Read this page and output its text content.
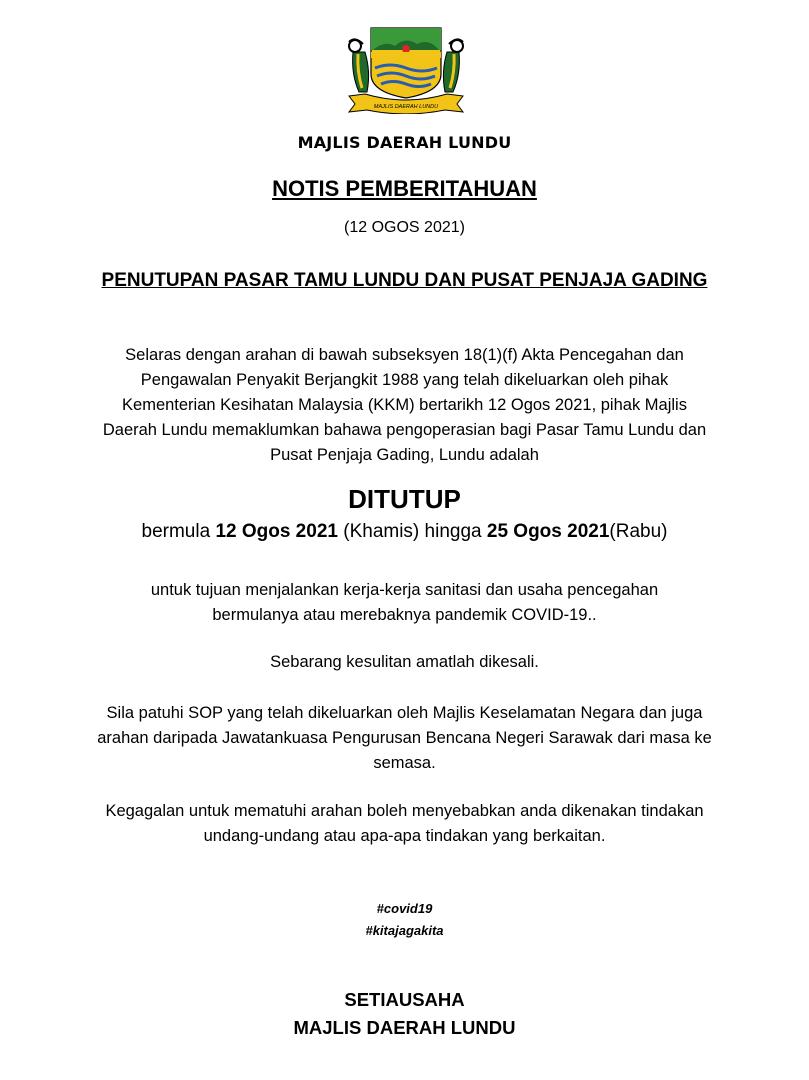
MAJLIS DAERAH LUNDU
MAJLIS DAERAH LUNDU
NOTIS PEMBERITAHUAN
(12 OGOS 2021)
PENUTUPAN PASAR TAMU LUNDU DAN PUSAT PENJAJA GADING
Selaras dengan arahan di bawah subseksyen 18(1)(f) Akta Pencegahan dan
Pengawalan Penyakit Berjangkit 1988 yang telah dikeluarkan oleh pihak
Kementerian Kesihatan Malaysia (KKM) bertarikh 12 Ogos 2021, pihak Majlis
Daerah Lundu memaklumkan bahawa pengoperasian bagi Pasar Tamu Lundu dan
Pusat Penjaja Gading, Lundu adalah
DITUTUP
bermula 12 Ogos 2021 (Khamis) hingga 25 Ogos 2021(Rabu)
untuk tujuan menjalankan kerja-kerja sanitasi dan usaha pencegahan
bermulanya atau merebaknya pandemik COVID-19..
Sebarang kesulitan amatlah dikesali.
Sila patuhi SOP yang telah dikeluarkan oleh Majlis Keselamatan Negara dan juga
arahan daripada Jawatankuasa Pengurusan Bencana Negeri Sarawak dari masa ke
semasa.
Kegagalan untuk mematuhi arahan boleh menyebabkan anda dikenakan tindakan
undang-undang atau apa-apa tindakan yang berkaitan.
#covid19
#kitajagakita
SETIAUSAHA
MAJLIS DAERAH LUNDU
